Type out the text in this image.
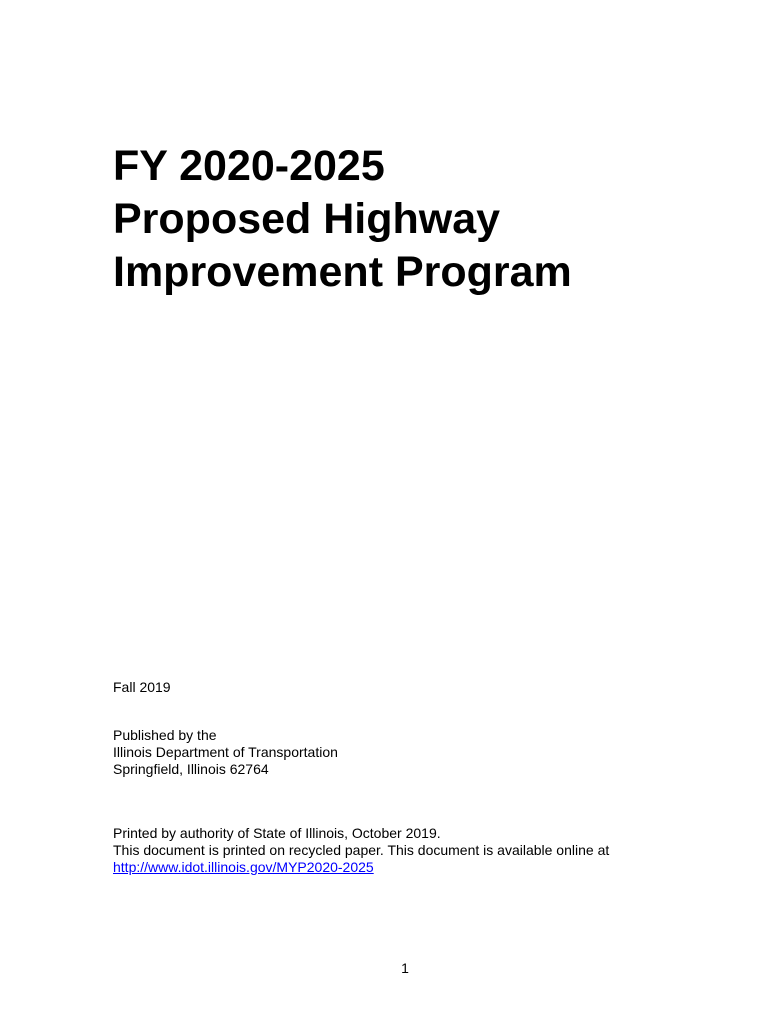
FY 2020-2025
Proposed Highway
Improvement Program
Fall 2019
Published by the
Illinois Department of Transportation
Springfield, Illinois 62764
Printed by authority of State of Illinois, October 2019.
This document is printed on recycled paper. This document is available online at
http://www.idot.illinois.gov/MYP2020-2025
1
